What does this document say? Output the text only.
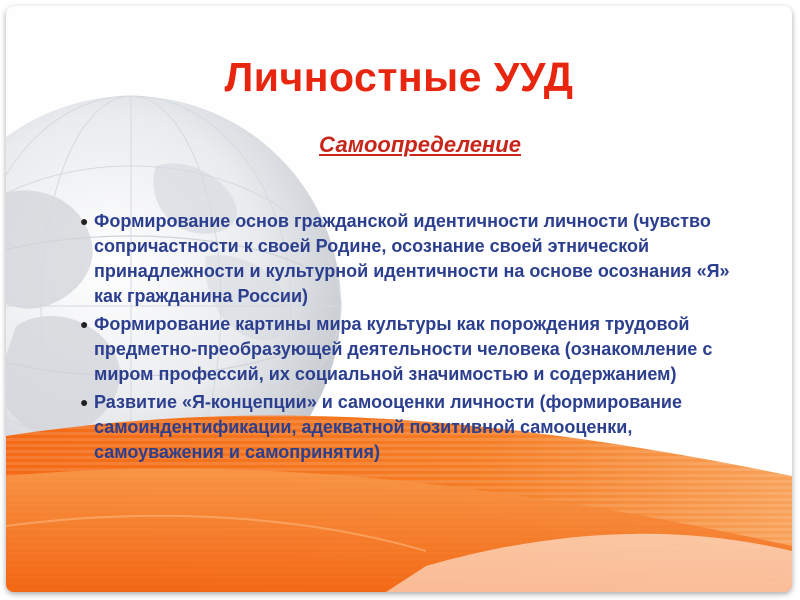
Личностные УУД
Самоопределение
● Формирование основ гражданской идентичности личности (чувство сопричастности к своей Родине, осознание своей этнической принадлежности и культурной идентичности на основе осознания «Я» как гражданина России)
● Формирование картины мира культуры как порождения трудовой предметно-преобразующей деятельности человека (ознакомление с миром профессий, их социальной значимостью и содержанием)
● Развитие «Я-концепции» и самооценки личности (формирование самоиндентификации, адекватной позитивной самооценки, самоуважения и самопринятия)
